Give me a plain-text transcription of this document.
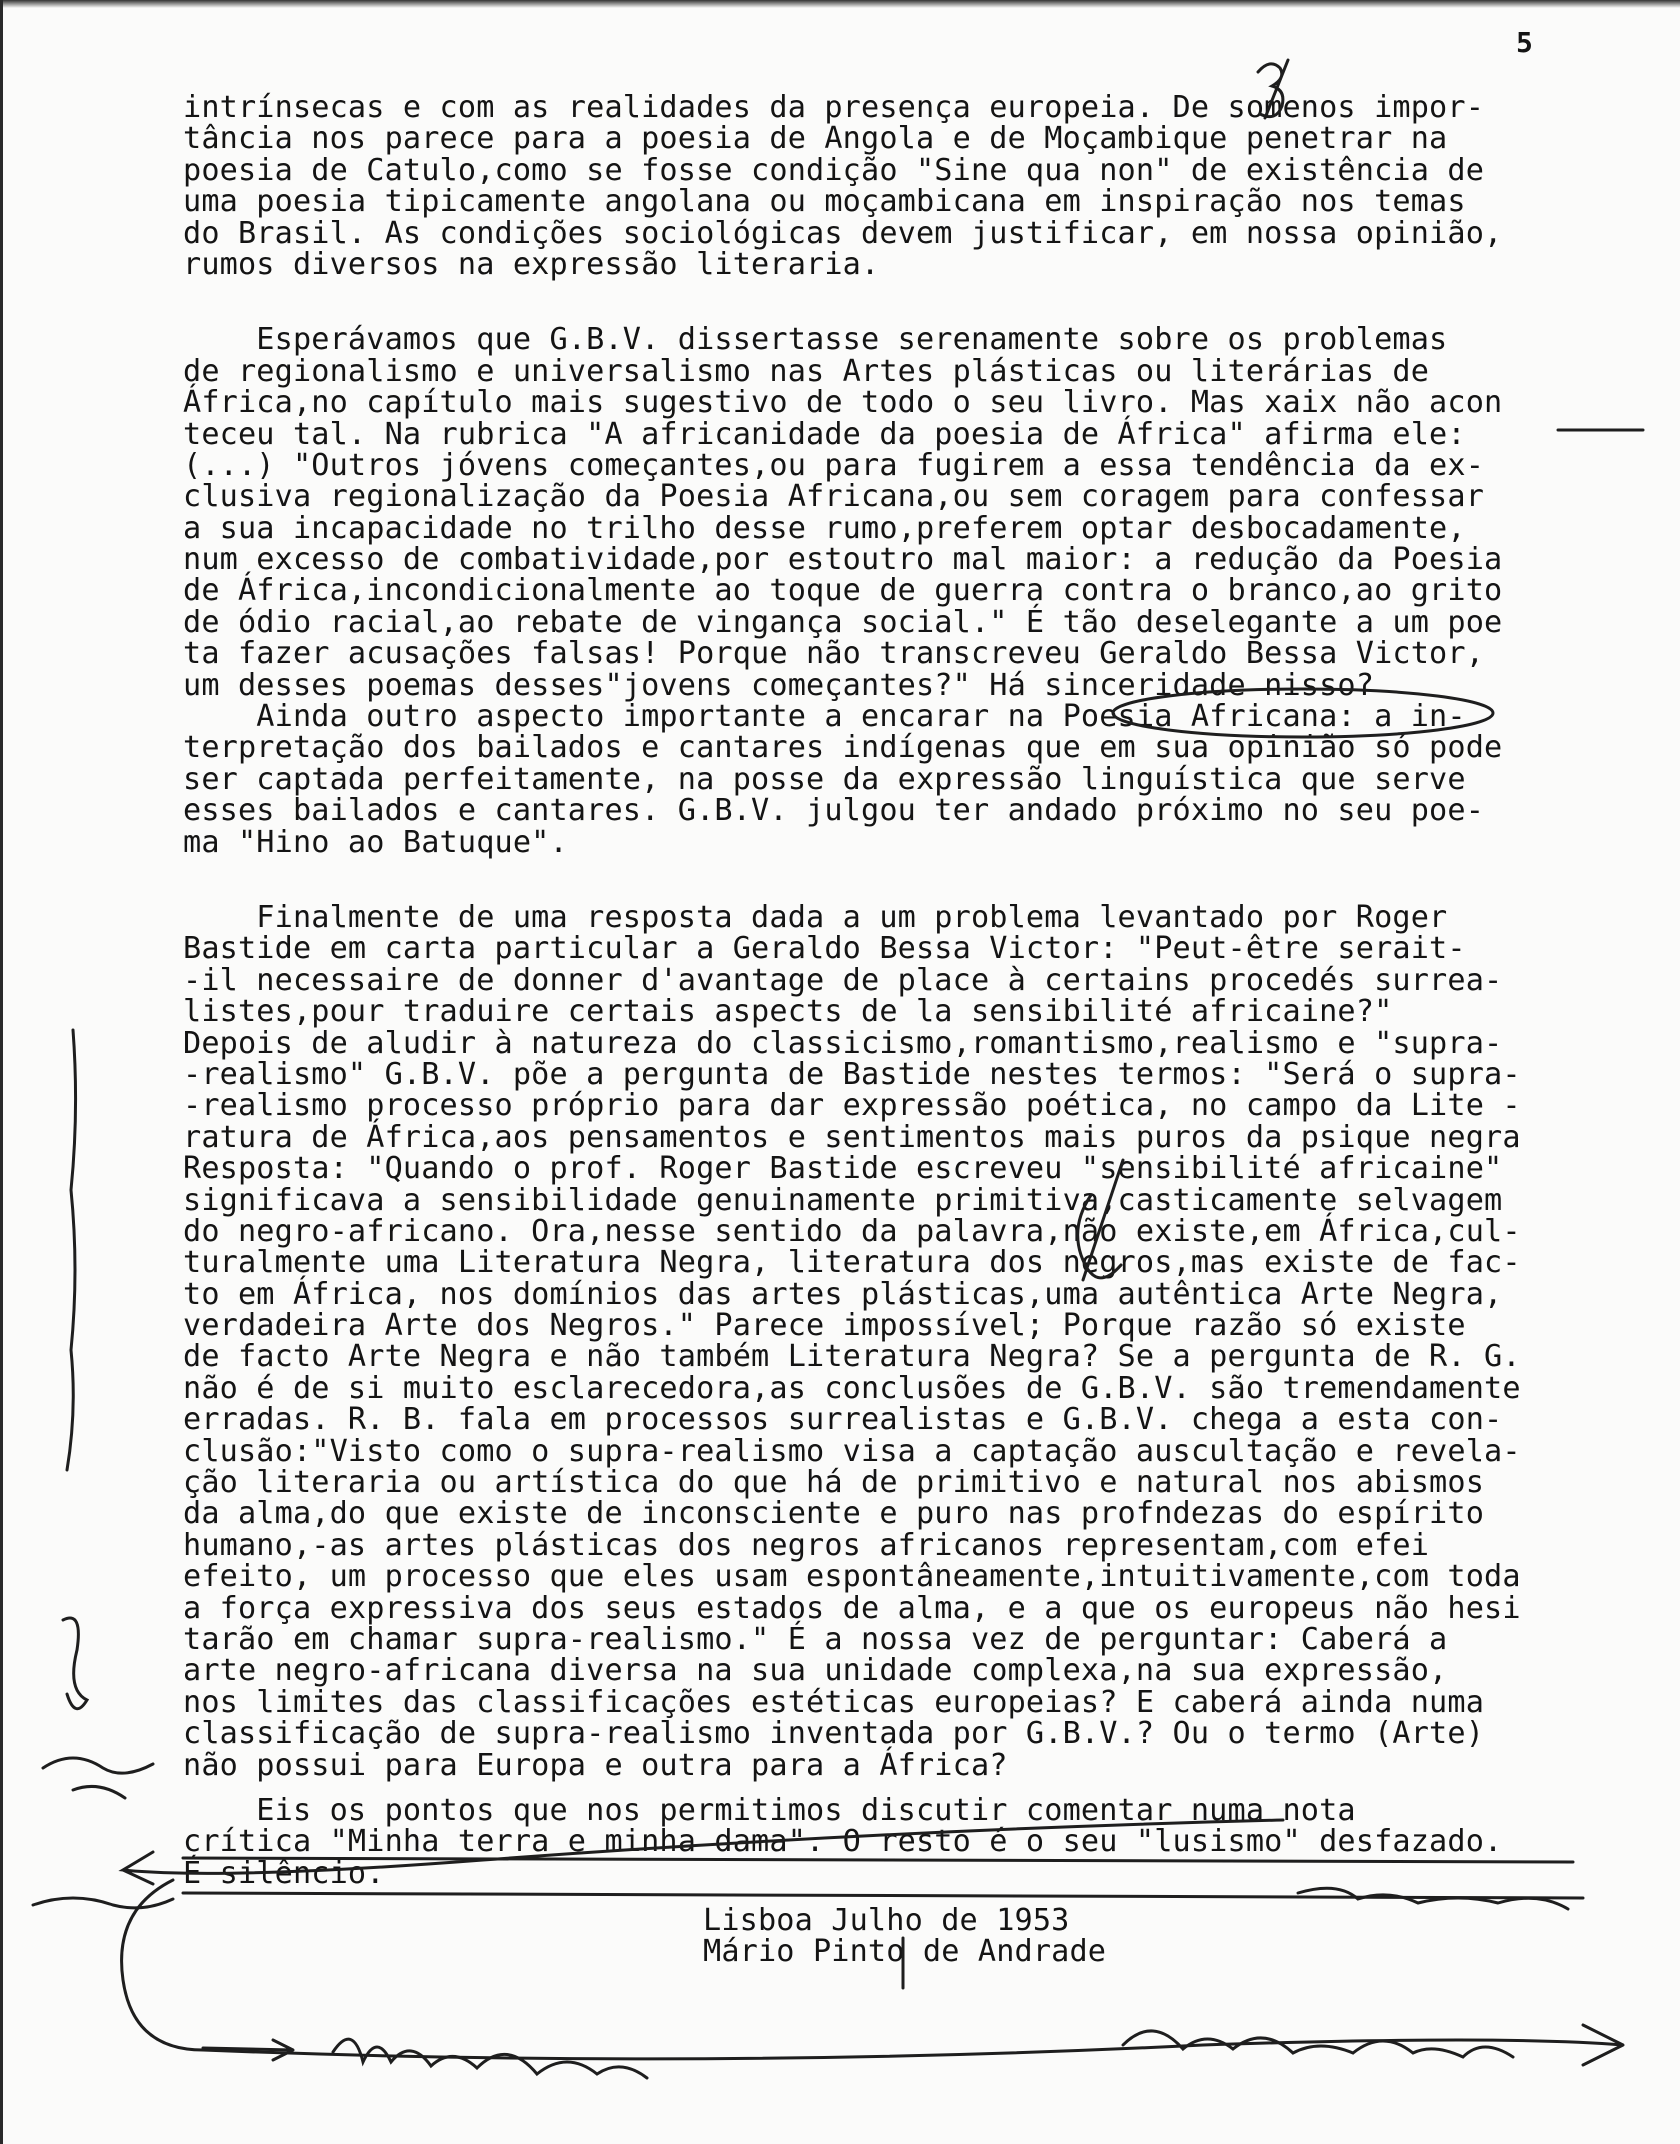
5
intrínsecas e com as realidades da presença europeia. De somenos impor-
tância nos parece para a poesia de Angola e de Moçambique penetrar na
poesia de Catulo,como se fosse condição "Sine qua non" de existência de
uma poesia tipicamente angolana ou moçambicana em inspiração nos temas
do Brasil. As condições sociológicas devem justificar, em nossa opinião,
rumos diversos na expressão literaria.
Esperávamos que G.B.V. dissertasse serenamente sobre os problemas
de regionalismo e universalismo nas Artes plásticas ou literárias de
África,no capítulo mais sugestivo de todo o seu livro. Mas xaix não acon
teceu tal. Na rubrica "A africanidade da poesia de África" afirma ele:
(...) "Outros jóvens começantes,ou para fugirem a essa tendência da ex-
clusiva regionalização da Poesia Africana,ou sem coragem para confessar
a sua incapacidade no trilho desse rumo,preferem optar desbocadamente,
num excesso de combatividade,por estoutro mal maior: a redução da Poesia
de África,incondicionalmente ao toque de guerra contra o branco,ao grito
de ódio racial,ao rebate de vingança social." É tão deselegante a um poe
ta fazer acusações falsas! Porque não transcreveu Geraldo Bessa Victor,
um desses poemas desses"jovens começantes?" Há sinceridade nisso?
Ainda outro aspecto importante a encarar na Poesia Africana: a in-
terpretação dos bailados e cantares indígenas que em sua opinião só pode
ser captada perfeitamente, na posse da expressão linguística que serve
esses bailados e cantares. G.B.V. julgou ter andado próximo no seu poe-
ma "Hino ao Batuque".
Finalmente de uma resposta dada a um problema levantado por Roger
Bastide em carta particular a Geraldo Bessa Victor: "Peut-être serait-
-il necessaire de donner d'avantage de place à certains procedés surrea-
listes,pour traduire certais aspects de la sensibilité africaine?"
Depois de aludir à natureza do classicismo,romantismo,realismo e "supra-
-realismo" G.B.V. põe a pergunta de Bastide nestes termos: "Será o supra-
-realismo processo próprio para dar expressão poética, no campo da Lite -
ratura de África,aos pensamentos e sentimentos mais puros da psique negra
Resposta: "Quando o prof. Roger Bastide escreveu "sensibilité africaine"
significava a sensibilidade genuinamente primitiva,casticamente selvagem
do negro-africano. Ora,nesse sentido da palavra,não existe,em África,cul-
turalmente uma Literatura Negra, literatura dos negros,mas existe de fac-
to em África, nos domínios das artes plásticas,uma autêntica Arte Negra,
verdadeira Arte dos Negros." Parece impossível; Porque razão só existe
de facto Arte Negra e não também Literatura Negra? Se a pergunta de R. G.
não é de si muito esclarecedora,as conclusões de G.B.V. são tremendamente
erradas. R. B. fala em processos surrealistas e G.B.V. chega a esta con-
clusão:"Visto como o supra-realismo visa a captação auscultação e revela-
ção literaria ou artística do que há de primitivo e natural nos abismos
da alma,do que existe de inconsciente e puro nas profndezas do espírito
humano,-as artes plásticas dos negros africanos representam,com efei
efeito, um processo que eles usam espontâneamente,intuitivamente,com toda
a força expressiva dos seus estados de alma, e a que os europeus não hesi
tarão em chamar supra-realismo." É a nossa vez de perguntar: Caberá a
arte negro-africana diversa na sua unidade complexa,na sua expressão,
nos limites das classificações estéticas europeias? E caberá ainda numa
classificação de supra-realismo inventada por G.B.V.? Ou o termo (Arte)
não possui para Europa e outra para a África?
Eis os pontos que nos permitimos discutir comentar numa nota
crítica "Minha terra e minha dama". O resto é o seu "lusismo" desfazado.
É silêncio.
Lisboa Julho de 1953
Mário Pinto de Andrade
